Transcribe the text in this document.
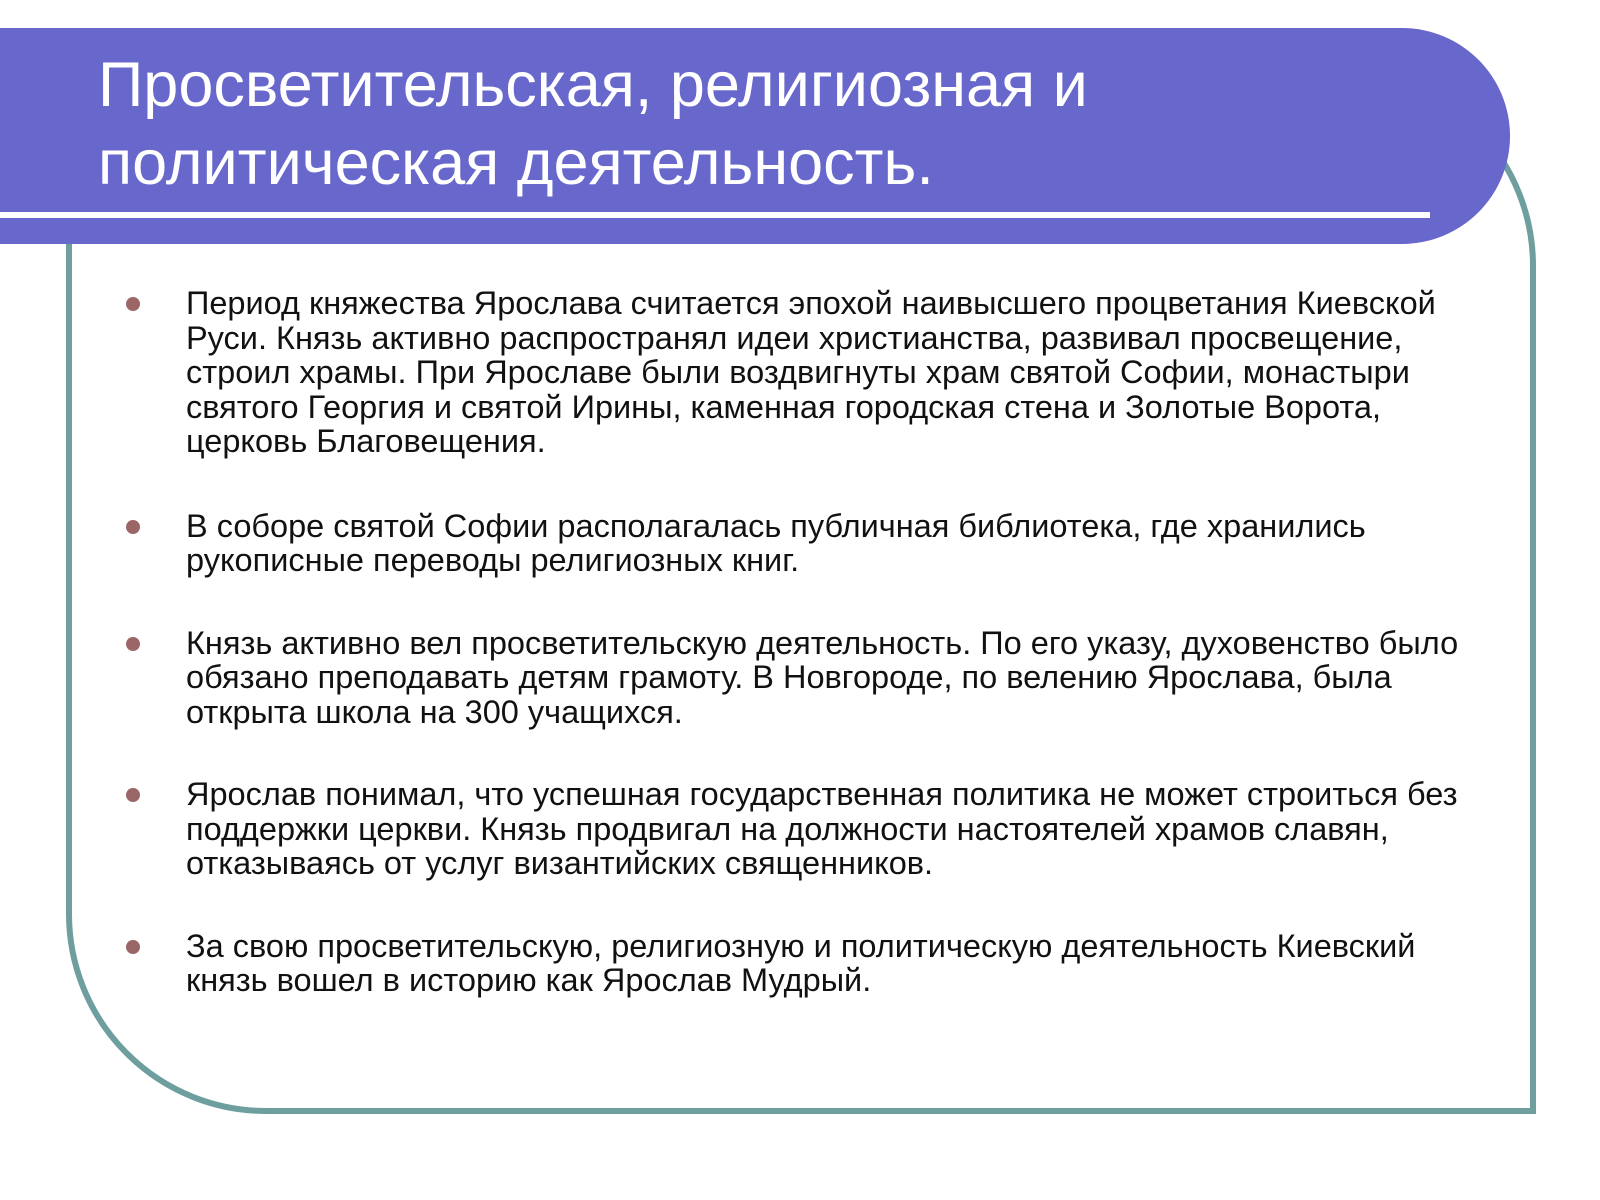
Просветительская, религиозная и политическая деятельность.
Период княжества Ярослава считается эпохой наивысшего процветания Киевской Руси. Князь активно распространял идеи христианства, развивал просвещение, строил храмы. При Ярославе были воздвигнуты храм святой Софии, монастыри святого Георгия и святой Ирины, каменная городская стена и Золотые Ворота, церковь Благовещения.
В соборе святой Софии располагалась публичная библиотека, где хранились рукописные переводы религиозных книг.
Князь активно вел просветительскую деятельность. По его указу, духовенство было обязано преподавать детям грамоту. В Новгороде, по велению Ярослава, была открыта школа на 300 учащихся.
Ярослав понимал, что успешная государственная политика не может строиться без поддержки церкви. Князь продвигал на должности настоятелей храмов славян, отказываясь от услуг византийских священников.
За свою просветительскую, религиозную и политическую деятельность Киевский князь вошел в историю как Ярослав Мудрый.
